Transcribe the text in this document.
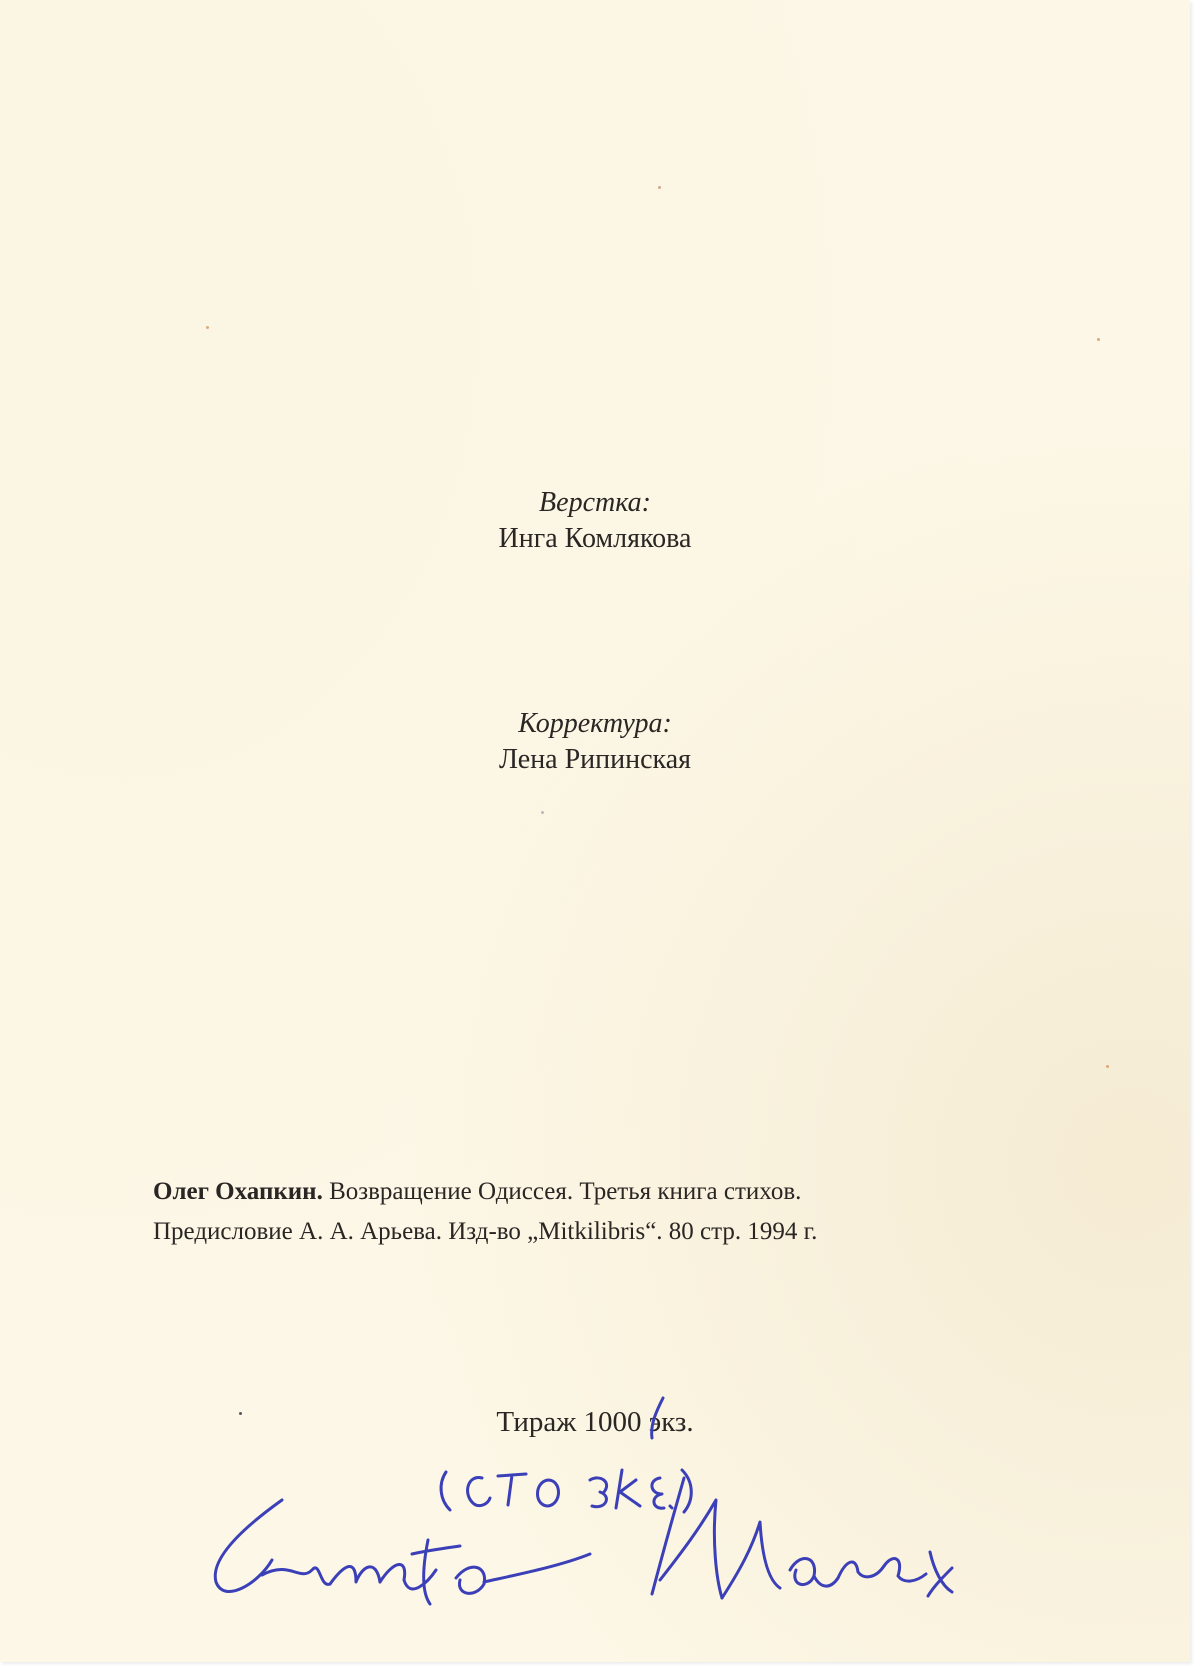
Верстка:
Инга Комлякова
Корректура:
Лена Рипинская
Олег Охапкин. Возвращение Одиссея. Третья книга стихов.
Предисловие А. А. Арьева. Изд-во „Mitkilibris“. 80 стр. 1994 г.
Тираж 1000 экз.
